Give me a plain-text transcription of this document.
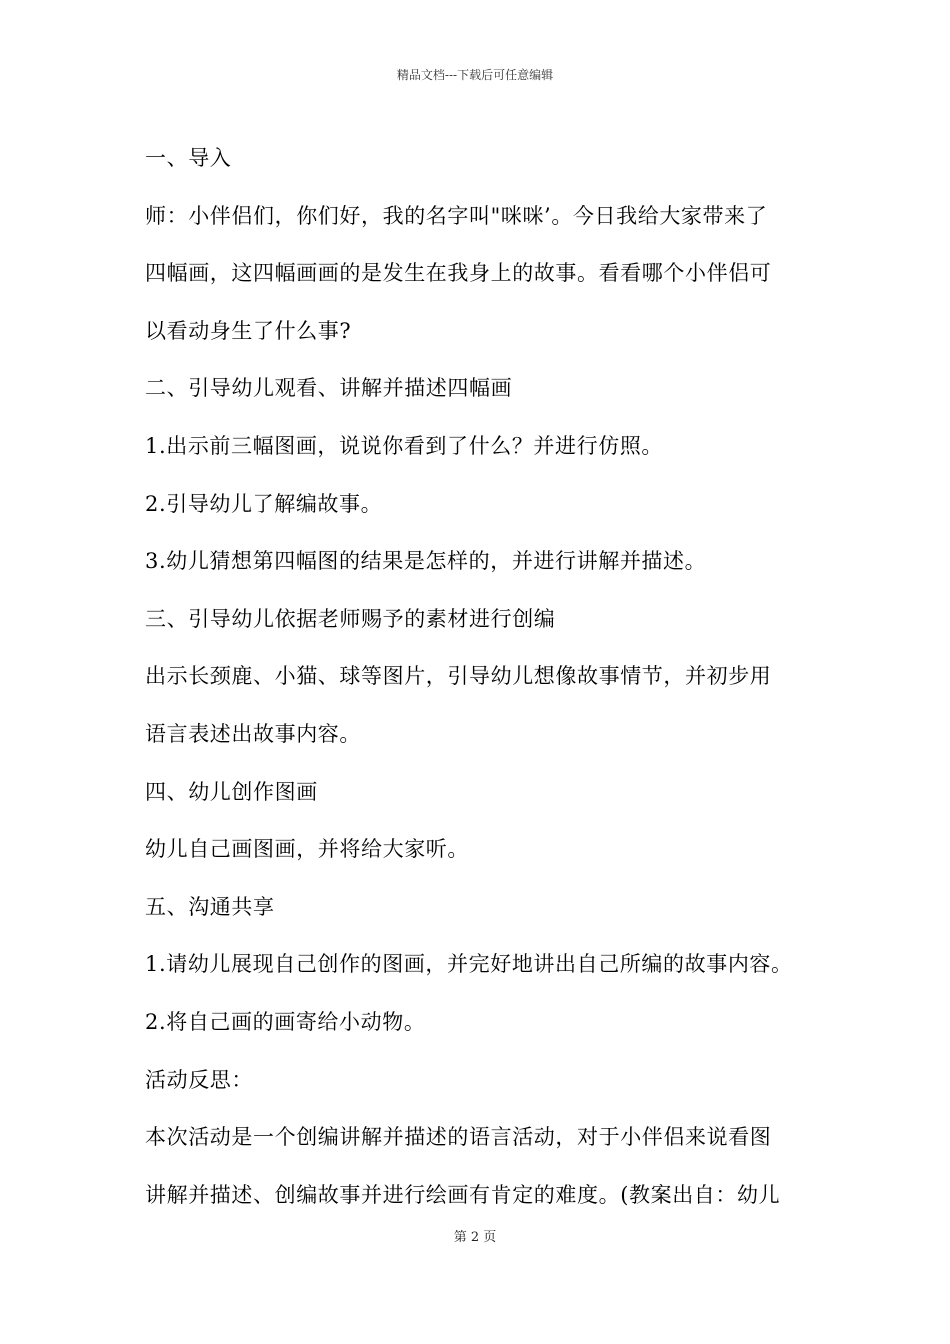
精品文档---下载后可任意编辑
一、导入
师：小伴侣们，你们好，我的名字叫"咪咪’。今日我给大家带来了
四幅画，这四幅画画的是发生在我身上的故事。看看哪个小伴侣可
以看动身生了什么事?
二、引导幼儿观看、讲解并描述四幅画
1.出示前三幅图画，说说你看到了什么？并进行仿照。
2.引导幼儿了解编故事。
3.幼儿猜想第四幅图的结果是怎样的，并进行讲解并描述。
三、引导幼儿依据老师赐予的素材进行创编
出示长颈鹿、小猫、球等图片，引导幼儿想像故事情节，并初步用
语言表述出故事内容。
四、幼儿创作图画
幼儿自己画图画，并将给大家听。
五、沟通共享
1.请幼儿展现自己创作的图画，并完好地讲出自己所编的故事内容。
2.将自己画的画寄给小动物。
活动反思：
本次活动是一个创编讲解并描述的语言活动，对于小伴侣来说看图
讲解并描述、创编故事并进行绘画有肯定的难度。(教案出自：幼儿
第 2 页
